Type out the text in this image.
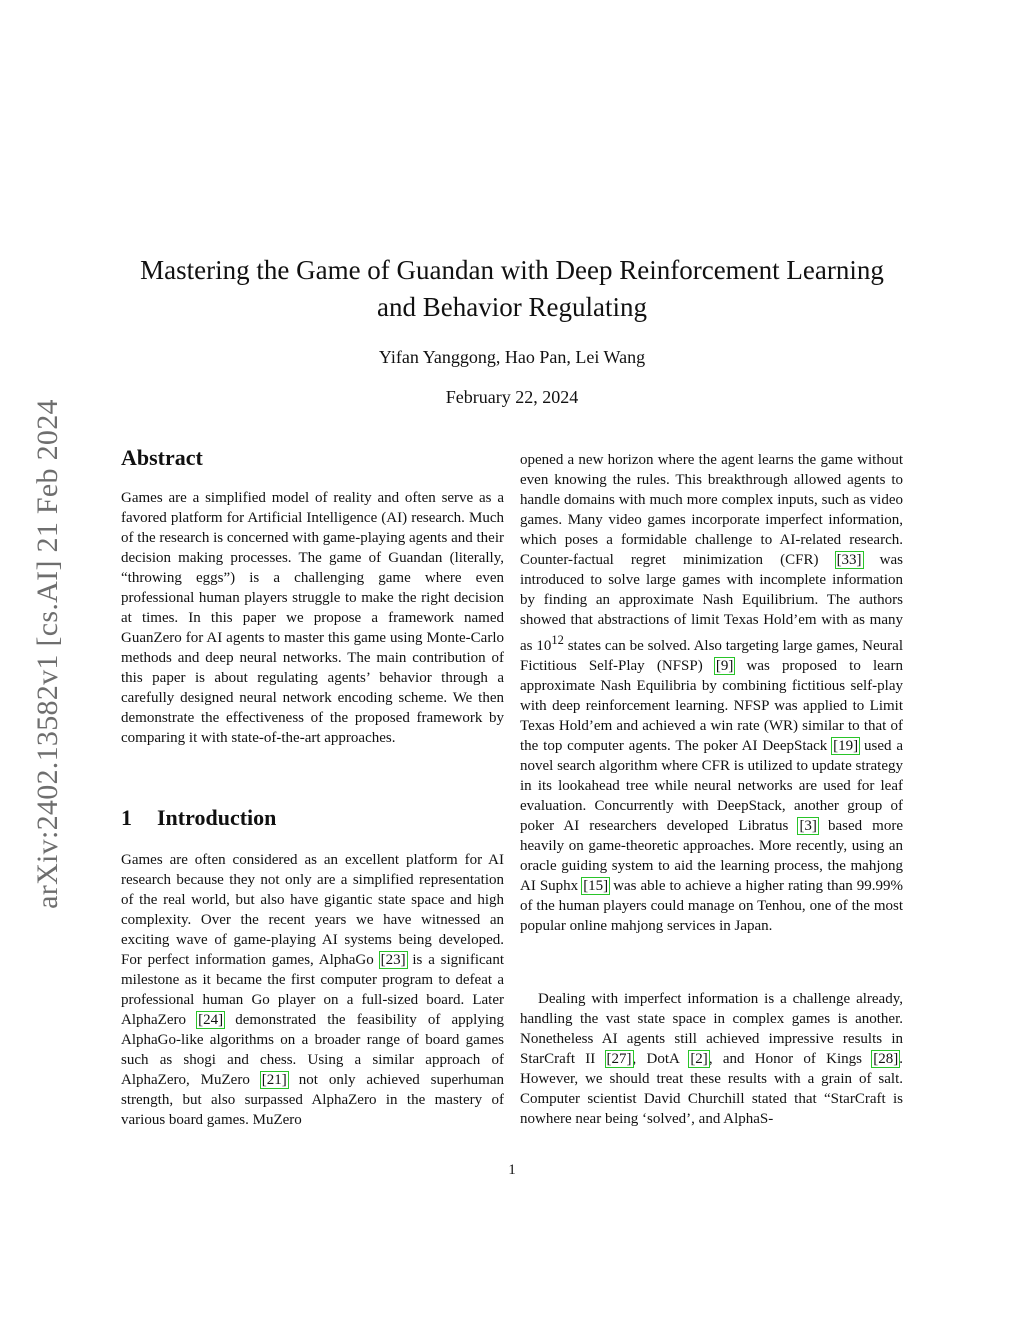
arXiv:2402.13582v1 [cs.AI] 21 Feb 2024
Mastering the Game of Guandan with Deep Reinforcement Learning
and Behavior Regulating
Yifan Yanggong, Hao Pan, Lei Wang
February 22, 2024
Abstract

Games are a simplified model of reality and often serve as a favored platform for Artificial Intelligence (AI) research. Much of the research is concerned with game-playing agents and their decision making processes. The game of Guandan (literally, “throwing eggs”) is a challenging game where even professional human players struggle to make the right decision at times. In this paper we propose a framework named GuanZero for AI agents to master this game using Monte-Carlo methods and deep neural networks. The main contribution of this paper is about regulating agents’ behavior through a carefully designed neural network encoding scheme. We then demonstrate the effectiveness of the proposed framework by comparing it with state-of-the-art approaches.

1 Introduction

Games are often considered as an excellent platform for AI research because they not only are a simplified representation of the real world, but also have gigantic state space and high complexity. Over the recent years we have witnessed an exciting wave of game-playing AI systems being developed. For perfect information games, AlphaGo [23] is a significant milestone as it became the first computer program to defeat a professional human Go player on a full-sized board. Later AlphaZero [24] demonstrated the feasibility of applying AlphaGo-like algorithms on a broader range of board games such as shogi and chess. Using a similar approach of AlphaZero, MuZero [21] not only achieved superhuman strength, but also surpassed AlphaZero in the mastery of various board games. MuZero

opened a new horizon where the agent learns the game without even knowing the rules. This breakthrough allowed agents to handle domains with much more complex inputs, such as video games. Many video games incorporate imperfect information, which poses a formidable challenge to AI-related research. Counter-factual regret minimization (CFR) [33] was introduced to solve large games with incomplete information by finding an approximate Nash Equilibrium. The authors showed that abstractions of limit Texas Hold’em with as many as $10^{12}$ states can be solved. Also targeting large games, Neural Fictitious Self-Play (NFSP) [9] was proposed to learn approximate Nash Equilibria by combining fictitious self-play with deep reinforcement learning. NFSP was applied to Limit Texas Hold’em and achieved a win rate (WR) similar to that of the top computer agents. The poker AI DeepStack [19] used a novel search algorithm where CFR is utilized to update strategy in its lookahead tree while neural networks are used for leaf evaluation. Concurrently with DeepStack, another group of poker AI researchers developed Libratus [3] based more heavily on game-theoretic approaches. More recently, using an oracle guiding system to aid the learning process, the mahjong AI Suphx [15] was able to achieve a higher rating than 99.99% of the human players could manage on Tenhou, one of the most popular online mahjong services in Japan.

Dealing with imperfect information is a challenge already, handling the vast state space in complex games is another. Nonetheless AI agents still achieved impressive results in StarCraft II [27], DotA [2], and Honor of Kings [28]. However, we should treat these results with a grain of salt. Computer scientist David Churchill stated that “StarCraft is nowhere near being ‘solved’, and AlphaS-

1
